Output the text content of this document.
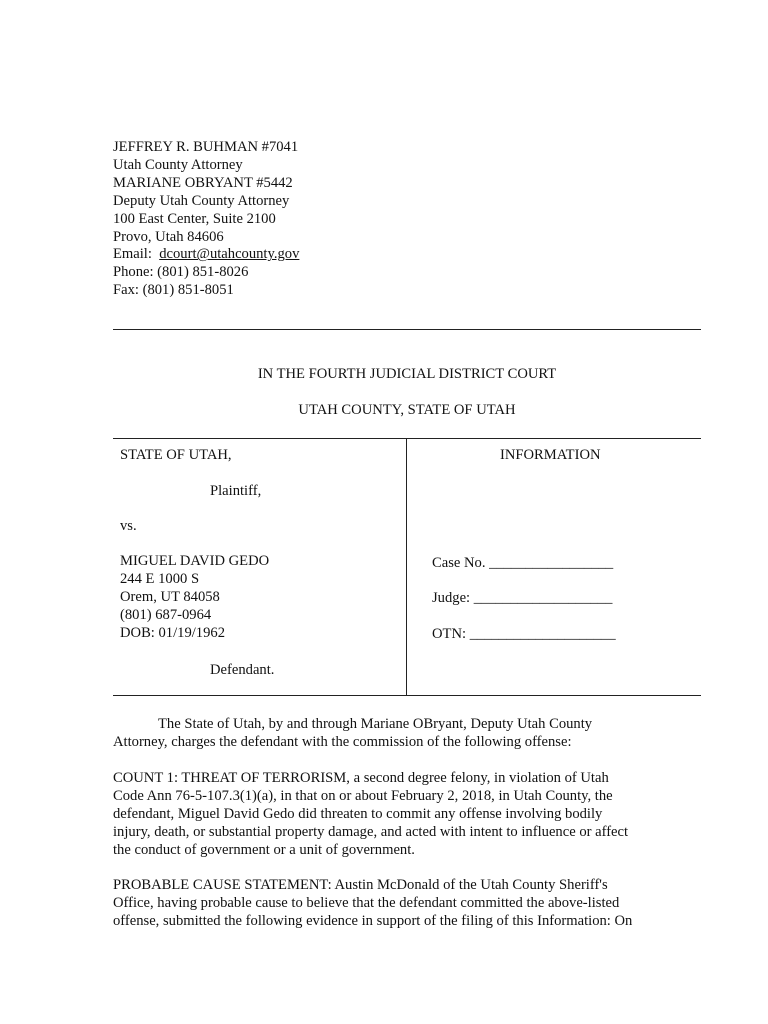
JEFFREY R. BUHMAN #7041
Utah County Attorney
MARIANE OBRYANT #5442
Deputy Utah County Attorney
100 East Center, Suite 2100
Provo, Utah 84606
Email: dcourt@utahcounty.gov
Phone: (801) 851-8026
Fax: (801) 851-8051
IN THE FOURTH JUDICIAL DISTRICT COURT
UTAH COUNTY, STATE OF UTAH
STATE OF UTAH,
Plaintiff,
vs.
MIGUEL DAVID GEDO
244 E 1000 S
Orem, UT 84058
(801) 687-0964
DOB: 01/19/1962
Defendant.
INFORMATION
Case No. _________________
Judge: ___________________
OTN: ____________________
The State of Utah, by and through Mariane OBryant, Deputy Utah County
Attorney, charges the defendant with the commission of the following offense:
COUNT 1: THREAT OF TERRORISM, a second degree felony, in violation of Utah
Code Ann 76-5-107.3(1)(a), in that on or about February 2, 2018, in Utah County, the
defendant, Miguel David Gedo did threaten to commit any offense involving bodily
injury, death, or substantial property damage, and acted with intent to influence or affect
the conduct of government or a unit of government.
PROBABLE CAUSE STATEMENT: Austin McDonald of the Utah County Sheriff's
Office, having probable cause to believe that the defendant committed the above-listed
offense, submitted the following evidence in support of the filing of this Information: On
